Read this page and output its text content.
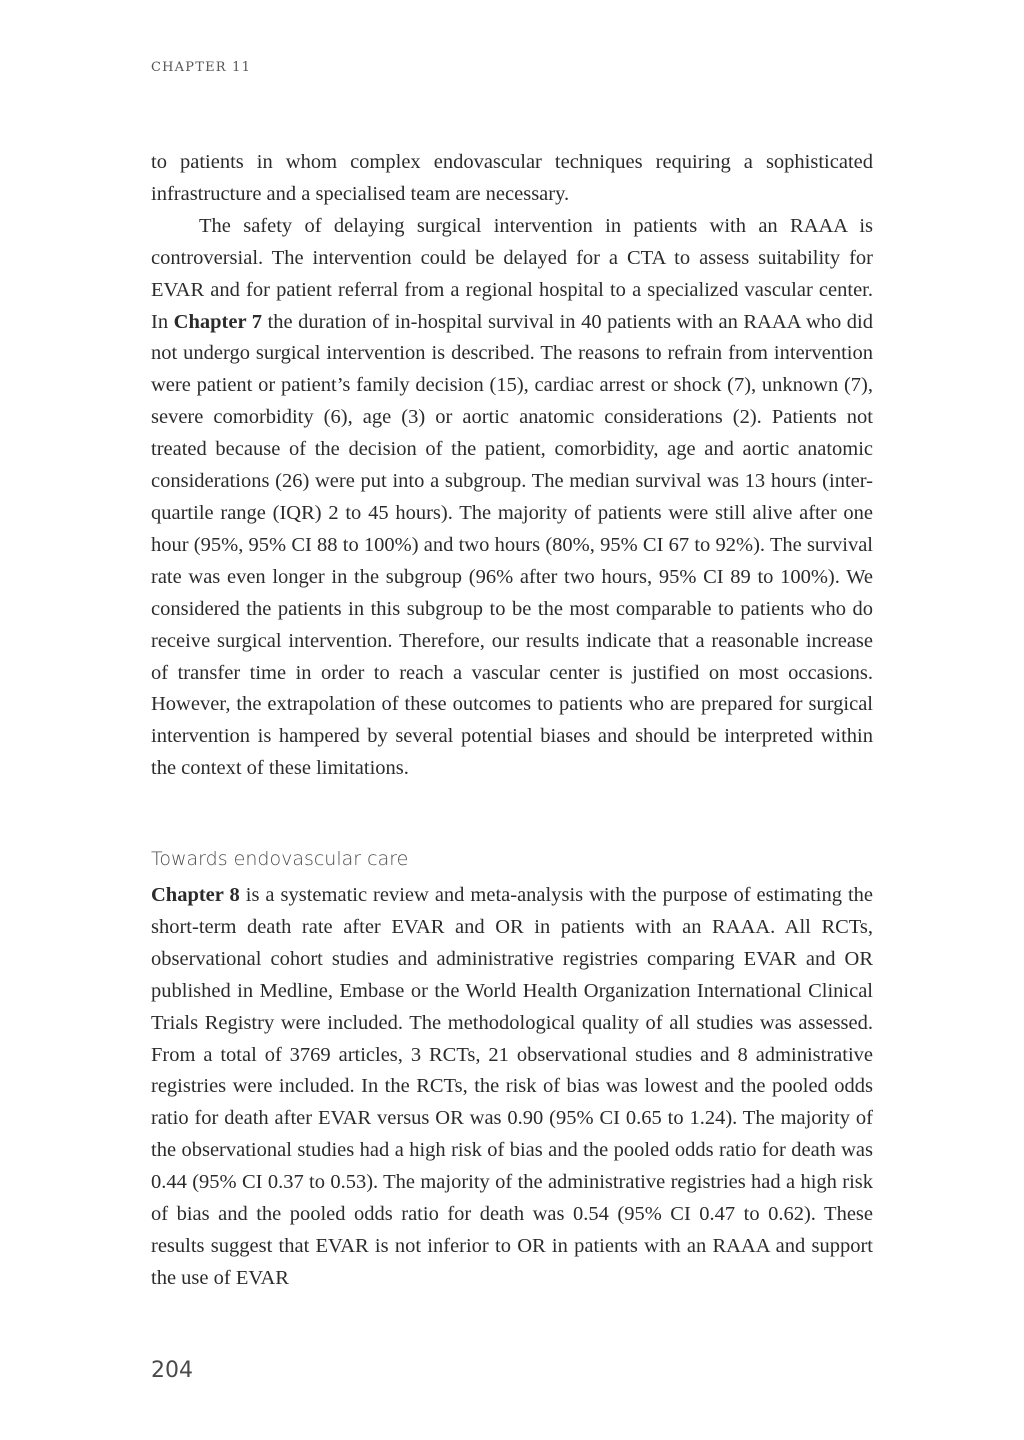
CHAPTER 11

to patients in whom complex endovascular techniques requiring a sophisticated infrastructure and a specialised team are necessary.

The safety of delaying surgical intervention in patients with an RAAA is controversial. The intervention could be delayed for a CTA to assess suitability for EVAR and for patient referral from a regional hospital to a specialized vascular center. In Chapter 7 the duration of in-hospital survival in 40 patients with an RAAA who did not undergo surgical intervention is described. The reasons to refrain from intervention were patient or patient’s family decision (15), cardiac arrest or shock (7), unknown (7), severe comorbidity (6), age (3) or aortic anatomic considerations (2). Patients not treated because of the decision of the patient, comorbidity, age and aortic anatomic considerations (26) were put into a subgroup. The median survival was 13 hours (inter-quartile range (IQR) 2 to 45 hours). The majority of patients were still alive after one hour (95%, 95% CI 88 to 100%) and two hours (80%, 95% CI 67 to 92%). The survival rate was even longer in the subgroup (96% after two hours, 95% CI 89 to 100%). We considered the patients in this subgroup to be the most comparable to patients who do receive surgical intervention. Therefore, our results indicate that a reasonable increase of transfer time in order to reach a vascular center is justified on most occasions. However, the extrapolation of these outcomes to patients who are prepared for surgical intervention is hampered by several potential biases and should be interpreted within the context of these limitations.

Towards endovascular care

Chapter 8 is a systematic review and meta-analysis with the purpose of estimating the short-term death rate after EVAR and OR in patients with an RAAA. All RCTs, observational cohort studies and administrative registries comparing EVAR and OR published in Medline, Embase or the World Health Organization International Clinical Trials Registry were included. The methodological quality of all studies was assessed. From a total of 3769 articles, 3 RCTs, 21 observational studies and 8 administrative registries were included. In the RCTs, the risk of bias was lowest and the pooled odds ratio for death after EVAR versus OR was 0.90 (95% CI 0.65 to 1.24). The majority of the observational studies had a high risk of bias and the pooled odds ratio for death was 0.44 (95% CI 0.37 to 0.53). The majority of the administrative registries had a high risk of bias and the pooled odds ratio for death was 0.54 (95% CI 0.47 to 0.62). These results suggest that EVAR is not inferior to OR in patients with an RAAA and support the use of EVAR

204
